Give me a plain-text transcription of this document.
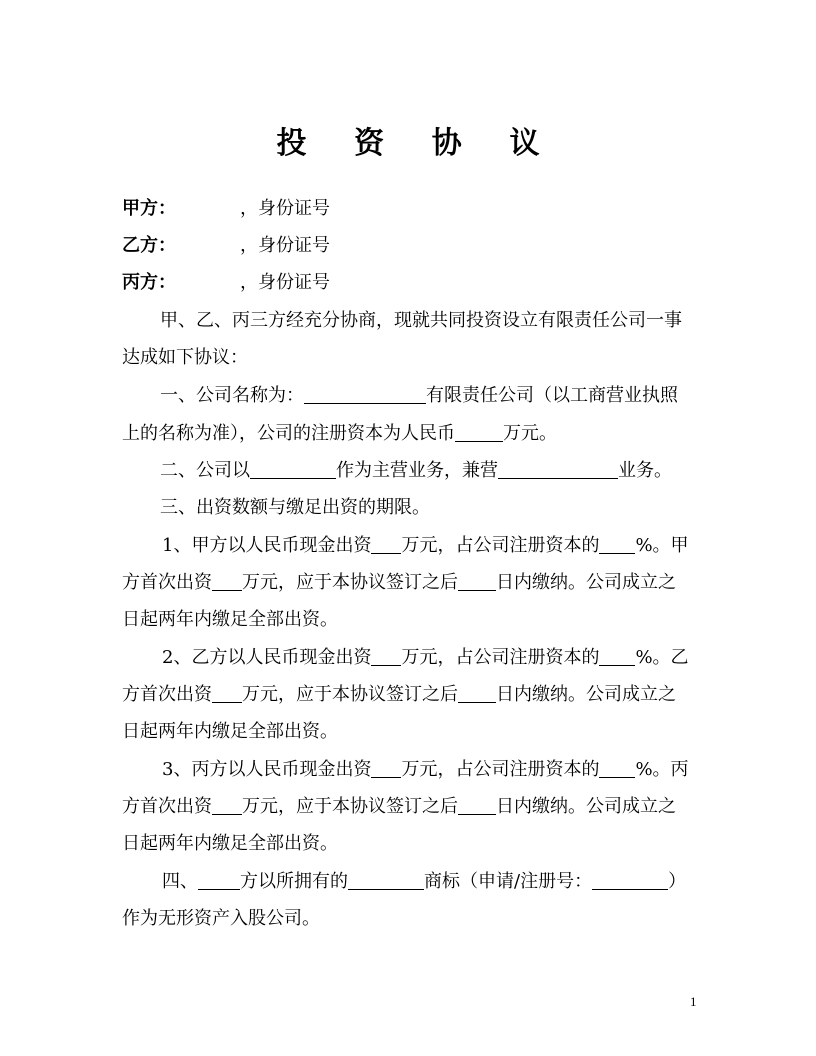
投 资 协 议

甲方：	，身份证号

乙方：	，身份证号

丙方：	，身份证号

甲、乙、丙三方经充分协商，现就共同投资设立有限责任公司一事

达成如下协议：

一、公司名称为：	有限责任公司（以工商营业执照

上的名称为准），公司的注册资本为人民币	万元。

二、公司以	作为主营业务，兼营	业务。

三、出资数额与缴足出资的期限。

1、甲方以人民币现金出资 万元，占公司注册资本的 %。甲

方首次出资 万元，应于本协议签订之后 日内缴纳。公司成立之

日起两年内缴足全部出资。

2、乙方以人民币现金出资 万元，占公司注册资本的 %。乙

方首次出资 万元，应于本协议签订之后 日内缴纳。公司成立之

日起两年内缴足全部出资。

3、丙方以人民币现金出资 万元，占公司注册资本的 %。丙

方首次出资 万元，应于本协议签订之后 日内缴纳。公司成立之

日起两年内缴足全部出资。

四、 方以所拥有的	商标（申请/注册号：	）

作为无形资产入股公司。

1
